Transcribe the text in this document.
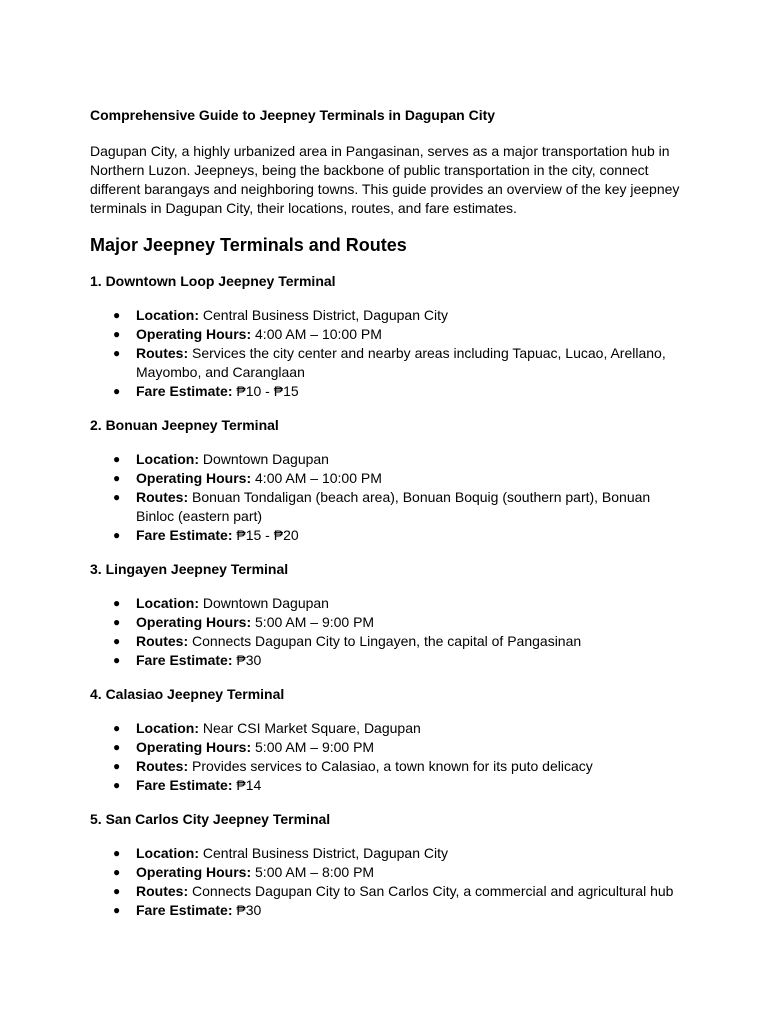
Comprehensive Guide to Jeepney Terminals in Dagupan City

Dagupan City, a highly urbanized area in Pangasinan, serves as a major transportation hub in Northern Luzon. Jeepneys, being the backbone of public transportation in the city, connect different barangays and neighboring towns. This guide provides an overview of the key jeepney terminals in Dagupan City, their locations, routes, and fare estimates.

Major Jeepney Terminals and Routes

1. Downtown Loop Jeepney Terminal

● Location: Central Business District, Dagupan City
● Operating Hours: 4:00 AM – 10:00 PM
● Routes: Services the city center and nearby areas including Tapuac, Lucao, Arellano, Mayombo, and Caranglaan
● Fare Estimate: ₱10 - ₱15

2. Bonuan Jeepney Terminal

● Location: Downtown Dagupan
● Operating Hours: 4:00 AM – 10:00 PM
● Routes: Bonuan Tondaligan (beach area), Bonuan Boquig (southern part), Bonuan Binloc (eastern part)
● Fare Estimate: ₱15 - ₱20

3. Lingayen Jeepney Terminal

● Location: Downtown Dagupan
● Operating Hours: 5:00 AM – 9:00 PM
● Routes: Connects Dagupan City to Lingayen, the capital of Pangasinan
● Fare Estimate: ₱30

4. Calasiao Jeepney Terminal

● Location: Near CSI Market Square, Dagupan
● Operating Hours: 5:00 AM – 9:00 PM
● Routes: Provides services to Calasiao, a town known for its puto delicacy
● Fare Estimate: ₱14

5. San Carlos City Jeepney Terminal

● Location: Central Business District, Dagupan City
● Operating Hours: 5:00 AM – 8:00 PM
● Routes: Connects Dagupan City to San Carlos City, a commercial and agricultural hub
● Fare Estimate: ₱30
